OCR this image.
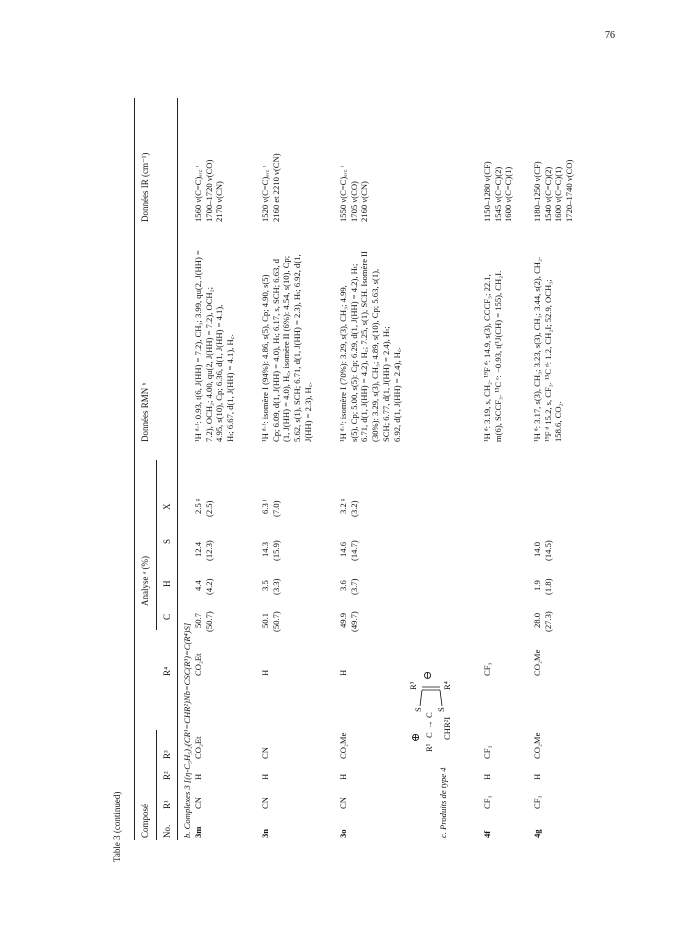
76
Table 3 (continued) Composé
Analyse ᵃ (%)
Données RMN ᵇ
Données IR (cm⁻¹)
No.
R¹
R²
R³
R⁴
C
H
S
X
b. Complexes 3 [(η-C₅H₅)₂(CR¹=CHR²)Nb=CSC(R³)=C(R⁴)S] 3m
CN
H
CO₂Et
CO₂Et
50.7 (50.7)
4.4 (4.2)
12.4 (12.3)
2.5 ᵍ (2.5)
¹H ᵈ·ᶠ: 0.93, t(6, J(HH) = 7.2), CH₃; 3.99, qu(2, J(HH) = 7.2), OCH₂; 4.00, qu(2, J(HH) = 7.2), OCH₂; 4.95, s(10), Cp; 6.36, d(1, J(HH) = 4.1), Hₜ; 6.67, d(1, J(HH) = 4.1), H꜀.
1560 ν(C=C)ₐᵣ꜀ ᶦ 1700–1720 ν(CO) 2170 ν(CN)
3n
CN
H
CN
H
50.1 (50.7)
3.5 (3.3)
14.3 (15.9)
6.3 ʲ (7.0)
¹H ᵈ·ᶠ: isomère I (94%): 4.86, s(5), Cp; 4.90, s(5) Cp; 6.09, d(1, J(HH) = 4.0), Hₜ; 6.17, s, SCH; 6.63, d (1, J(HH) = 4.0), H꜀, isomère II (6%): 4.54, s(10), Cp; 5.62, s(1), SCH; 6.71, d(1, J(HH) = 2.3), Hₜ; 6.92, d(1, J(HH) = 2.3), H꜀.
1520 ν(C=C)ₐᵣ꜀ ᶦ 2160 et 2210 ν(CN)
3o
CN
H
CO₂Me
H
49.9 (49.7)
3.6 (3.7)
14.6 (14.7)
3.2 ᵍ (3.2)
¹H ᵈ·ᶠ: isomère I (70%): 3.29, s(3), CH₃; 4.99, s(5), Cp; 5.00, s(5): Cp; 6.29, d(1, J(HH) = 4.2), Hₜ; 6.71, d(1, J(HH) = 4.2), H꜀; 7.25, s(1), SCH. Isomère II (30%): 3.29, s(3), CH₃; 4.89, s(10), Cp; 5.63, s(1), SCH; 6.77, d(1, J(HH) = 2.4), Hₜ; 6.92, d(1, J(HH) = 2.4), H꜀.
1550 ν(C=C)ₐᵣ꜀ ᶦ 1705 ν(CO) 2160 ν(CN)
c. Produits de type 4
R¹
⊕ C
→
C
S S
R³	R⁴
⊖
CHR²I
4f
CF₃
H
CF₃
CF₃
¹H ᵈ: 3.19, s, CH₂. ¹⁹F ᵈ: 14.9, s(3), CCCF₃; 22.1, m(6), SCCF₃. ¹³C ᵉ: −0.93, t(¹J(CH) = 155), CH₂I.
1150–1280 ν(CF) 1545 ν(C=C)(2) 1600 ν(C=C)(1)
4g
CF₃
H
CO₂Me
CO₂Me
28.0 (27.3)
1.9 (1.8)
14.0 (14.5)
¹H ᵈ: 3.17, s(3), CH₃; 3.23, s(3), CH₃; 3.44, s(2), CH₂. ¹⁹F ᵈ 15.2, s, CF₃. ¹³C ᵈ: 1.2, CH₂I; 52.9, OCH₃; 158.6, CO₂.
1180–1250 ν(CF) 1540 ν(C=C)(2) 1600 ν(C=C)(1) 1720–1740 ν(CO)
